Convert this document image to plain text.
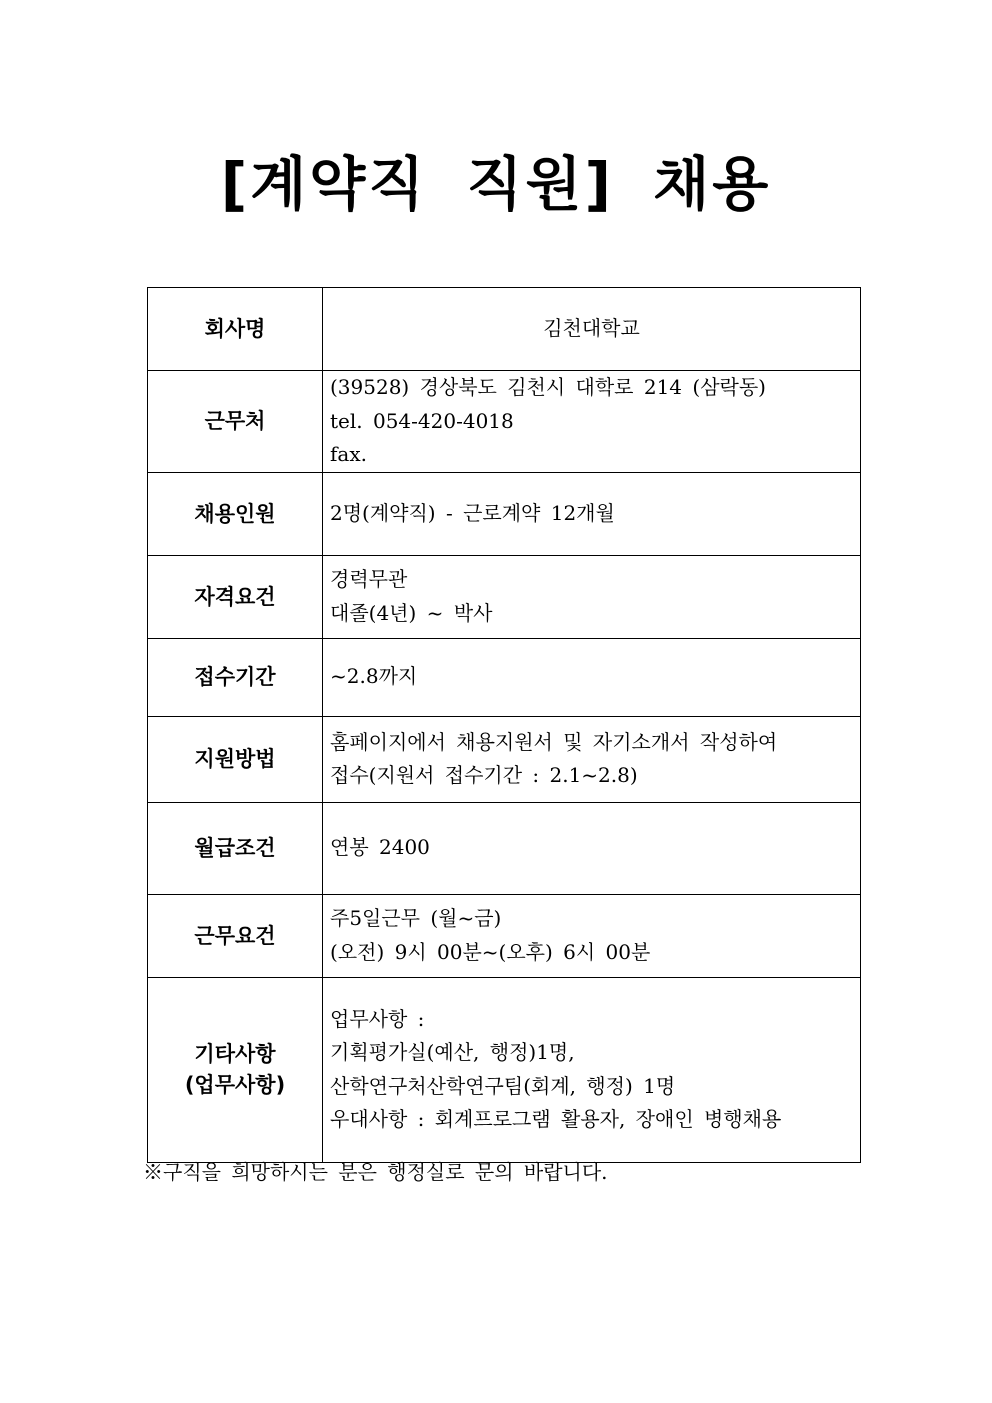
[계약직 직원] 채용
회사명	김천대학교

근무처	(39528) 경상북도 김천시 대학로 214 (삼락동)
tel. 054-420-4018
fax.

채용인원	2명(계약직) - 근로계약 12개월

자격요건	경력무관
대졸(4년) ~ 박사

접수기간	~2.8까지

지원방법	홈페이지에서 채용지원서 및 자기소개서 작성하여
접수(지원서 접수기간 : 2.1~2.8)

월급조건	연봉 2400

근무요건	주5일근무 (월~금)
(오전) 9시 00분~(오후) 6시 00분

기타사항
(업무사항)	업무사항 :
기획평가실(예산, 행정)1명,
산학연구처산학연구팀(회계, 행정) 1명
우대사항 : 회계프로그램 활용자, 장애인 병행채용
※구직을 희망하시는 분은 행정실로 문의 바랍니다.
